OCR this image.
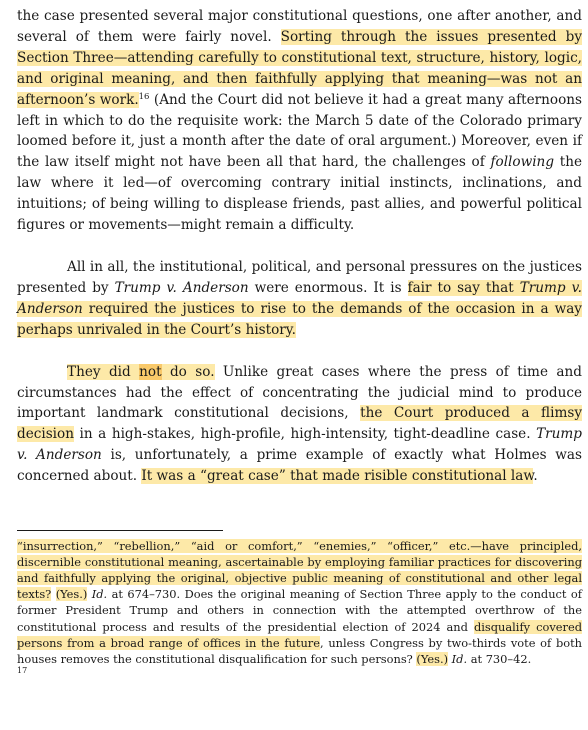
the case presented several major constitutional questions, one after another, and several of them were fairly novel. Sorting through the issues presented by Section Three—attending carefully to constitutional text, structure, history, logic, and original meaning, and then faithfully applying that meaning—was not an afternoon’s work.$^{16}$ (And the Court did not believe it had a great many afternoons left in which to do the requisite work: the March 5 date of the Colorado primary loomed before it, just a month after the date of oral argument.) Moreover, even if the law itself might not have been all that hard, the challenges of following the law where it led—of overcoming contrary initial instincts, inclinations, and intuitions; of being willing to displease friends, past allies, and powerful political figures or movements—might remain a difficulty.

All in all, the institutional, political, and personal pressures on the justices presented by Trump v. Anderson were enormous. It is fair to say that Trump v. Anderson required the justices to rise to the demands of the occasion in a way perhaps unrivaled in the Court’s history.

They did not do so. Unlike great cases where the press of time and circumstances had the effect of concentrating the judicial mind to produce important landmark constitutional decisions, the Court produced a flimsy decision in a high-stakes, high-profile, high-intensity, tight-deadline case. Trump v. Anderson is, unfortunately, a prime example of exactly what Holmes was concerned about. It was a “great case” that made risible constitutional law.

“insurrection,” “rebellion,” “aid or comfort,” “enemies,” “officer,” etc.—have principled, discernible constitutional meaning, ascertainable by employing familiar practices for discovering and faithfully applying the original, objective public meaning of constitutional and other legal texts? (Yes.) Id. at 674–730. Does the original meaning of Section Three apply to the conduct of former President Trump and others in connection with the attempted overthrow of the constitutional process and results of the presidential election of 2024 and disqualify covered persons from a broad range of offices in the future, unless Congress by two-thirds vote of both houses removes the constitutional disqualification for such persons? (Yes.) Id. at 730–42.

17
